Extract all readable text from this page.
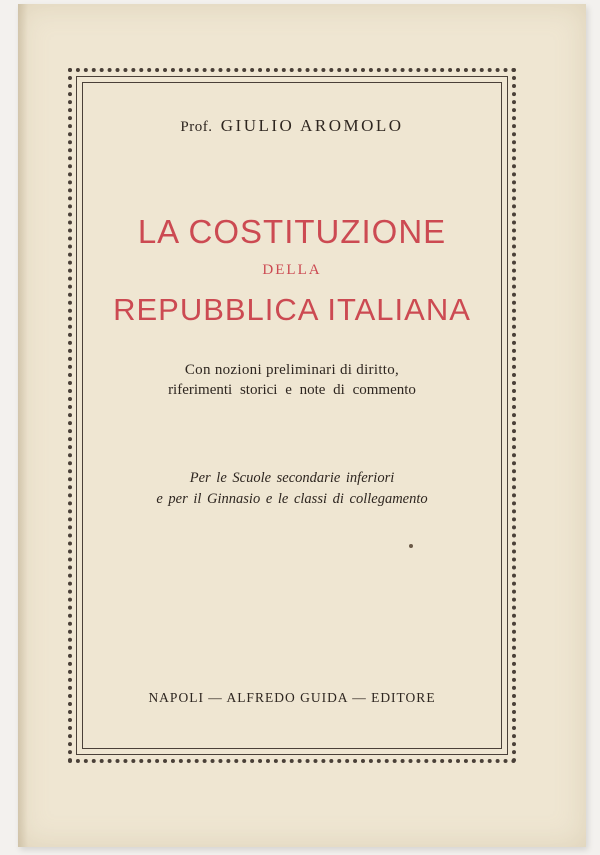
Prof. GIULIO AROMOLO
LA COSTITUZIONE
DELLA
REPUBBLICA ITALIANA
Con nozioni preliminari di diritto,
riferimenti storici e note di commento
Per le Scuole secondarie inferiori
e per il Ginnasio e le classi di collegamento
NAPOLI — ALFREDO GUIDA — EDITORE
